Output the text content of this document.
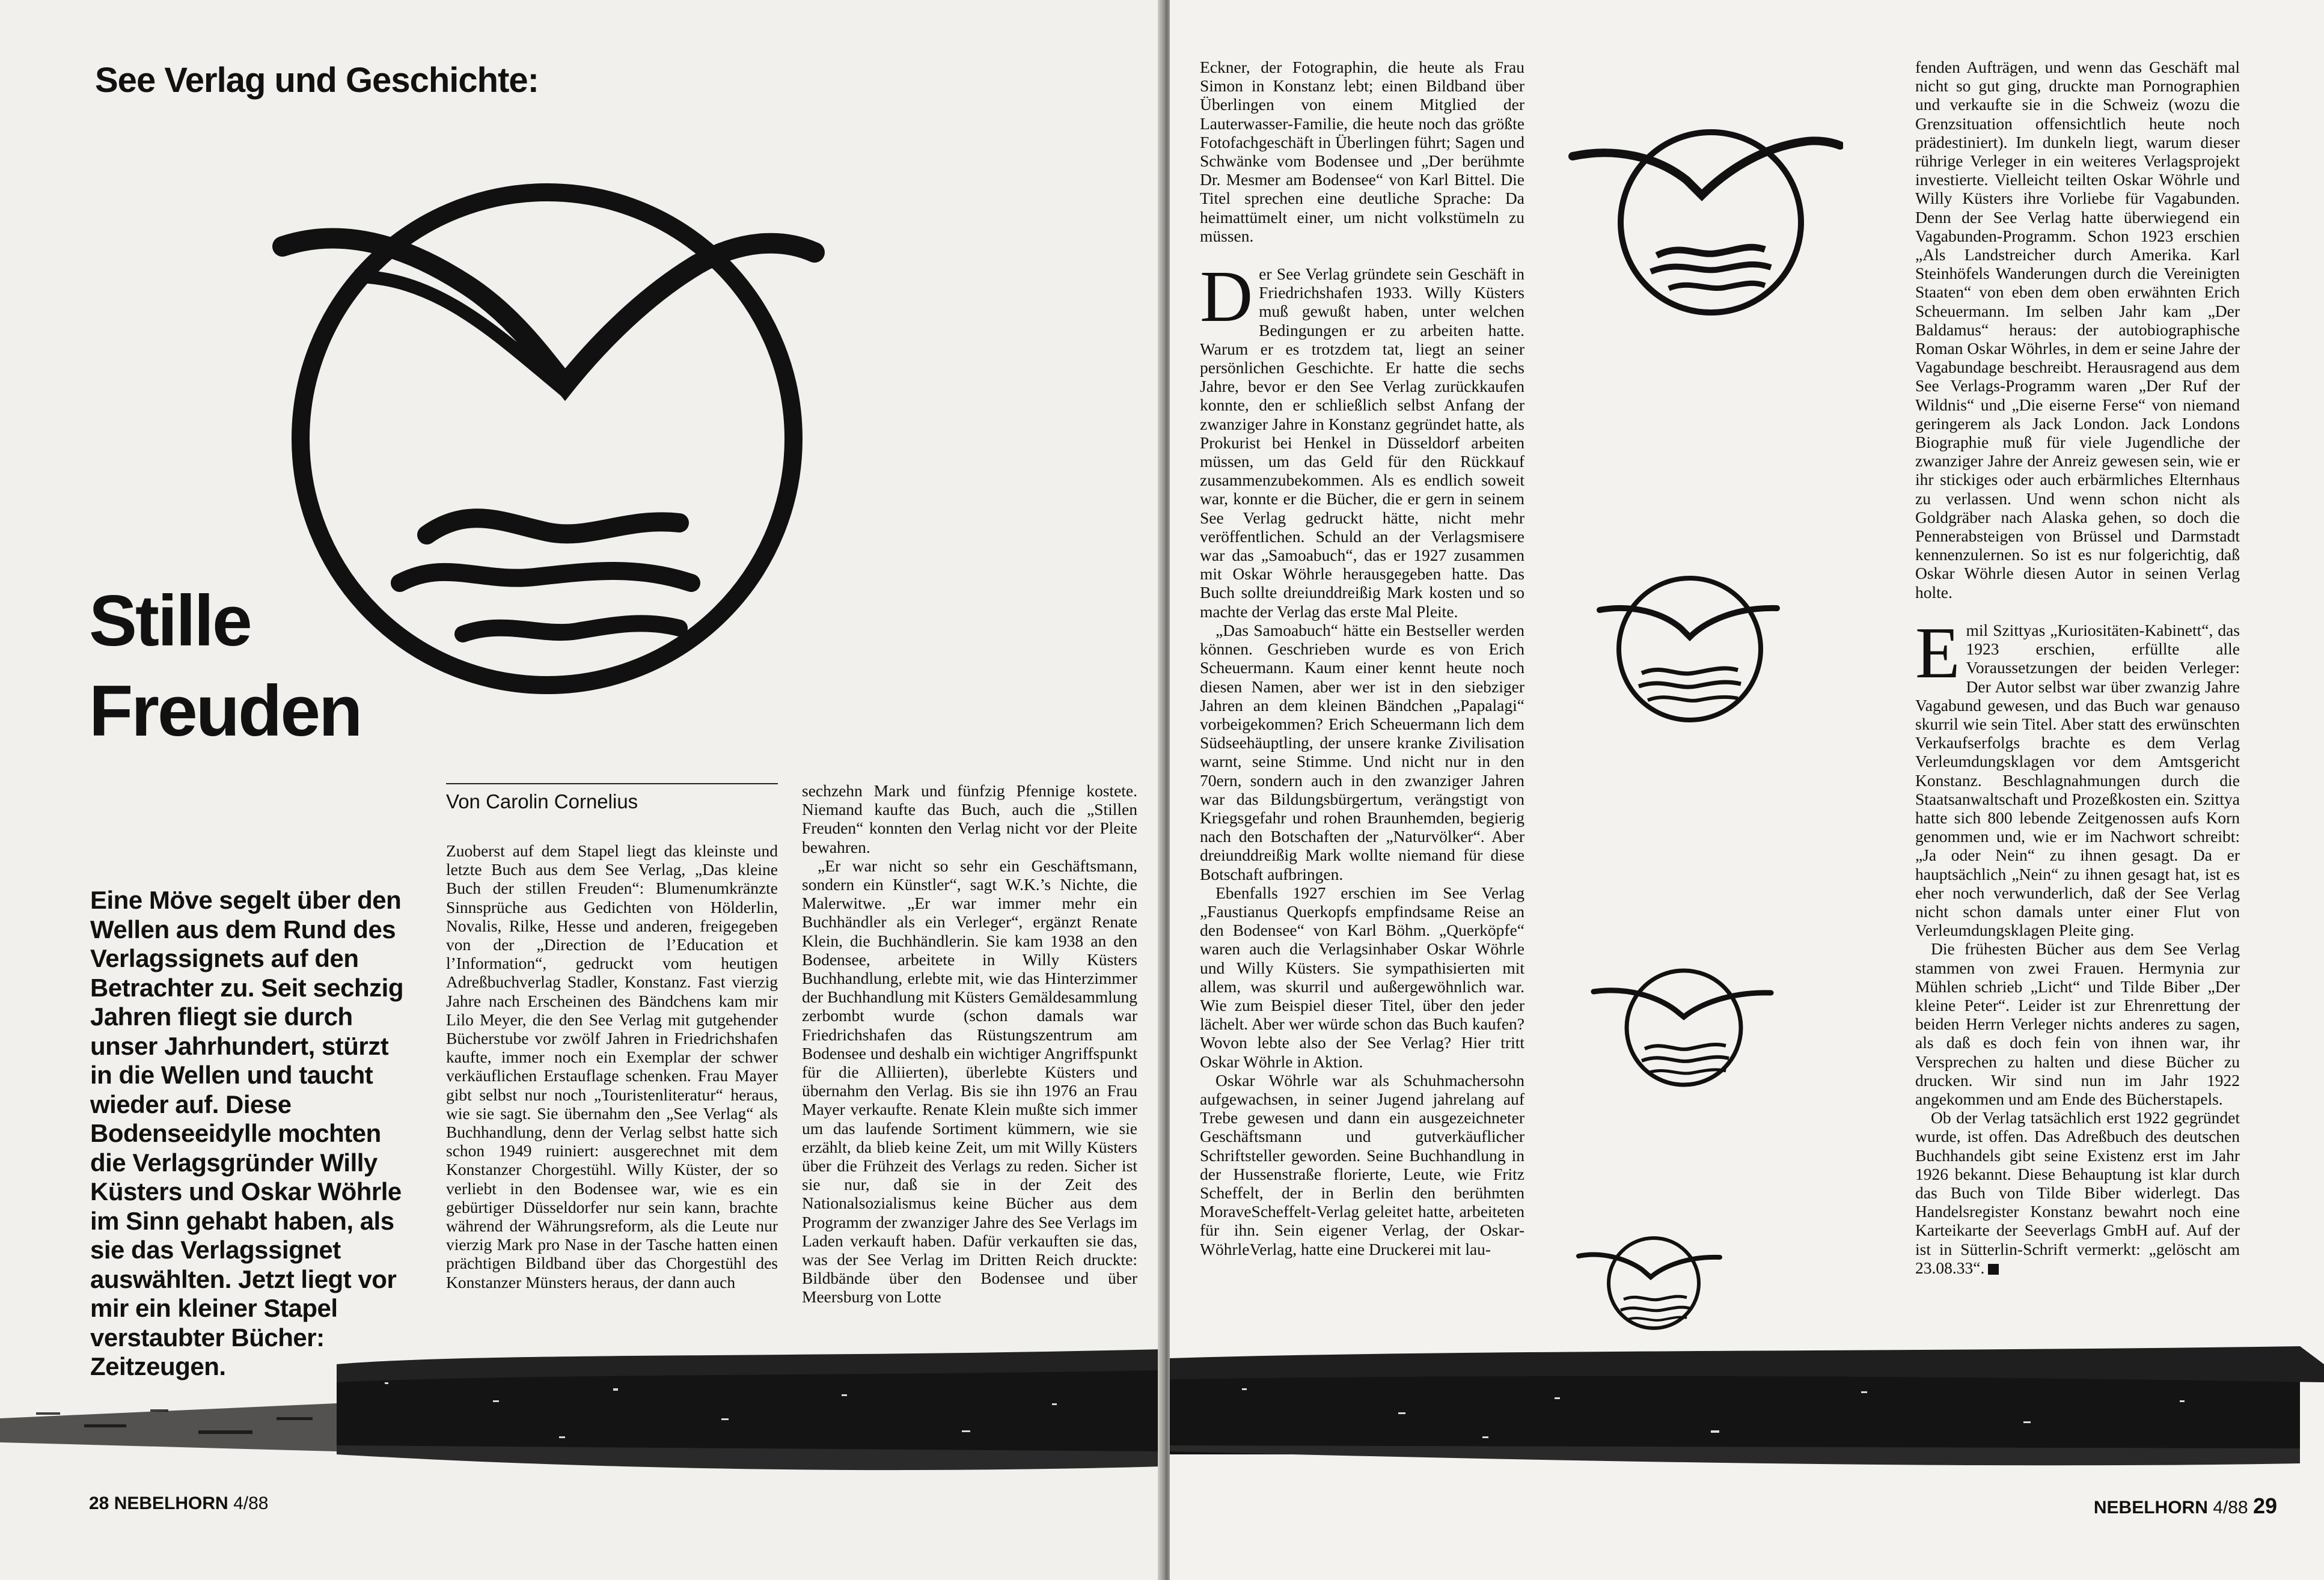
See Verlag und Geschichte:
Stille
Freuden
Eine Möve segelt über den Wellen aus dem Rund des Verlagssignets auf den Betrachter zu. Seit sechzig Jahren fliegt sie durch unser Jahrhundert, stürzt in die Wellen und taucht wieder auf. Diese Bodenseeidylle mochten die Verlagsgründer Willy Küsters und Oskar Wöhrle im Sinn gehabt haben, als sie das Verlagssignet auswählten. Jetzt liegt vor mir ein kleiner Stapel verstaubter Bücher: Zeitzeugen.
Von Carolin Cornelius

Zuoberst auf dem Stapel liegt das kleinste und letzte Buch aus dem See Verlag, „Das kleine Buch der stillen Freuden“: Blumenumkränzte Sinnsprüche aus Gedichten von Hölderlin, Novalis, Rilke, Hesse und anderen, freigegeben von der „Direction de l’Education et l’Information“, gedruckt vom heutigen Adreßbuchverlag Stadler, Konstanz. Fast vierzig Jahre nach Erscheinen des Bändchens kam mir Lilo Meyer, die den See Verlag mit gutgehender Bücherstube vor zwölf Jahren in Friedrichshafen kaufte, immer noch ein Exemplar der schwer verkäuflichen Erstauflage schenken. Frau Mayer gibt selbst nur noch „Touristenliteratur“ heraus, wie sie sagt. Sie übernahm den „See Verlag“ als Buchhandlung, denn der Verlag selbst hatte sich schon 1949 ruiniert: ausgerechnet mit dem Konstanzer Chorgestühl. Willy Küster, der so verliebt in den Bodensee war, wie es ein gebürtiger Düsseldorfer nur sein kann, brachte während der Währungsreform, als die Leute nur vierzig Mark pro Nase in der Tasche hatten einen prächtigen Bildband über das Chorgestühl des Konstanzer Münsters heraus, der dann auch

sechzehn Mark und fünfzig Pfennige kostete. Niemand kaufte das Buch, auch die „Stillen Freuden“ konnten den Verlag nicht vor der Pleite bewahren.

„Er war nicht so sehr ein Geschäftsmann, sondern ein Künstler“, sagt W.K.’s Nichte, die Malerwitwe. „Er war immer mehr ein Buchhändler als ein Verleger“, ergänzt Renate Klein, die Buchhändlerin. Sie kam 1938 an den Bodensee, arbeitete in Willy Küsters Buchhandlung, erlebte mit, wie das Hinterzimmer der Buchhandlung mit Küsters Gemäldesammlung zerbombt wurde (schon damals war Friedrichshafen das Rüstungszentrum am Bodensee und deshalb ein wichtiger Angriffspunkt für die Alliierten), überlebte Küsters und übernahm den Verlag. Bis sie ihn 1976 an Frau Mayer verkaufte. Renate Klein mußte sich immer um das laufende Sortiment kümmern, wie sie erzählt, da blieb keine Zeit, um mit Willy Küsters über die Frühzeit des Verlags zu reden. Sicher ist sie nur, daß sie in der Zeit des Nationalsozialismus keine Bücher aus dem Programm der zwanziger Jahre des See Verlags im Laden verkauft haben. Dafür verkauften sie das, was der See Verlag im Dritten Reich druckte: Bildbände über den Bodensee und über Meersburg von Lotte

28 NEBELHORN 4/88

Eckner, der Fotographin, die heute als Frau Simon in Konstanz lebt; einen Bildband über Überlingen von einem Mitglied der Lauterwasser-Familie, die heute noch das größte Fotofachgeschäft in Überlingen führt; Sagen und Schwänke vom Bodensee und „Der berühmte Dr. Mesmer am Bodensee“ von Karl Bittel. Die Titel sprechen eine deutliche Sprache: Da heimattümelt einer, um nicht volkstümeln zu müssen.

Der See Verlag gründete sein Geschäft in Friedrichshafen 1933. Willy Küsters muß gewußt haben, unter welchen Bedingungen er zu arbeiten hatte. Warum er es trotzdem tat, liegt an seiner persönlichen Geschichte. Er hatte die sechs Jahre, bevor er den See Verlag zurückkaufen konnte, den er schließlich selbst Anfang der zwanziger Jahre in Konstanz gegründet hatte, als Prokurist bei Henkel in Düsseldorf arbeiten müssen, um das Geld für den Rückkauf zusammenzubekommen. Als es endlich soweit war, konnte er die Bücher, die er gern in seinem See Verlag gedruckt hätte, nicht mehr veröffentlichen. Schuld an der Verlagsmisere war das „Samoabuch“, das er 1927 zusammen mit Oskar Wöhrle herausgegeben hatte. Das Buch sollte dreiunddreißig Mark kosten und so machte der Verlag das erste Mal Pleite.

„Das Samoabuch“ hätte ein Bestseller werden können. Geschrieben wurde es von Erich Scheuermann. Kaum einer kennt heute noch diesen Namen, aber wer ist in den siebziger Jahren an dem kleinen Bändchen „Papalagi“ vorbeigekommen? Erich Scheuermann lich dem Südseehäuptling, der unsere kranke Zivilisation warnt, seine Stimme. Und nicht nur in den 70ern, sondern auch in den zwanziger Jahren war das Bildungsbürgertum, verängstigt von Kriegsgefahr und rohen Braunhemden, begierig nach den Botschaften der „Naturvölker“. Aber dreiunddreißig Mark wollte niemand für diese Botschaft aufbringen.

Ebenfalls 1927 erschien im See Verlag „Faustianus Querkopfs empfindsame Reise an den Bodensee“ von Karl Böhm. „Querköpfe“ waren auch die Verlagsinhaber Oskar Wöhrle und Willy Küsters. Sie sympathisierten mit allem, was skurril und außergewöhnlich war. Wie zum Beispiel dieser Titel, über den jeder lächelt. Aber wer würde schon das Buch kaufen? Wovon lebte also der See Verlag? Hier tritt Oskar Wöhrle in Aktion.

Oskar Wöhrle war als Schuhmachersohn aufgewachsen, in seiner Jugend jahrelang auf Trebe gewesen und dann ein ausgezeichneter Geschäftsmann und gutverkäuflicher Schriftsteller geworden. Seine Buchhandlung in der Hussenstraße florierte, Leute, wie Fritz Scheffelt, der in Berlin den berühmten MoraveScheffelt-Verlag geleitet hatte, arbeiteten für ihn. Sein eigener Verlag, der Oskar-WöhrleVerlag, hatte eine Druckerei mit lau-

fenden Aufträgen, und wenn das Geschäft mal nicht so gut ging, druckte man Pornographien und verkaufte sie in die Schweiz (wozu die Grenzsituation offensichtlich heute noch prädestiniert). Im dunkeln liegt, warum dieser rührige Verleger in ein weiteres Verlagsprojekt investierte. Vielleicht teilten Oskar Wöhrle und Willy Küsters ihre Vorliebe für Vagabunden. Denn der See Verlag hatte überwiegend ein Vagabunden-Programm. Schon 1923 erschien „Als Landstreicher durch Amerika. Karl Steinhöfels Wanderungen durch die Vereinigten Staaten“ von eben dem oben erwähnten Erich Scheuermann. Im selben Jahr kam „Der Baldamus“ heraus: der autobiographische Roman Oskar Wöhrles, in dem er seine Jahre der Vagabundage beschreibt. Herausragend aus dem See Verlags-Programm waren „Der Ruf der Wildnis“ und „Die eiserne Ferse“ von niemand geringerem als Jack London. Jack Londons Biographie muß für viele Jugendliche der zwanziger Jahre der Anreiz gewesen sein, wie er ihr stickiges oder auch erbärmliches Elternhaus zu verlassen. Und wenn schon nicht als Goldgräber nach Alaska gehen, so doch die Pennerabsteigen von Brüssel und Darmstadt kennenzulernen. So ist es nur folgerichtig, daß Oskar Wöhrle diesen Autor in seinen Verlag holte.

Emil Szittyas „Kuriositäten-Kabinett“, das 1923 erschien, erfüllte alle Voraussetzungen der beiden Verleger: Der Autor selbst war über zwanzig Jahre Vagabund gewesen, und das Buch war genauso skurril wie sein Titel. Aber statt des erwünschten Verkaufserfolgs brachte es dem Verlag Verleumdungsklagen vor dem Amtsgericht Konstanz. Beschlagnahmungen durch die Staatsanwaltschaft und Prozeßkosten ein. Szittya hatte sich 800 lebende Zeitgenossen aufs Korn genommen und, wie er im Nachwort schreibt: „Ja oder Nein“ zu ihnen gesagt. Da er hauptsächlich „Nein“ zu ihnen gesagt hat, ist es eher noch verwunderlich, daß der See Verlag nicht schon damals unter einer Flut von Verleumdungsklagen Pleite ging.

Die frühesten Bücher aus dem See Verlag stammen von zwei Frauen. Hermynia zur Mühlen schrieb „Licht“ und Tilde Biber „Der kleine Peter“. Leider ist zur Ehrenrettung der beiden Herrn Verleger nichts anderes zu sagen, als daß es doch fein von ihnen war, ihr Versprechen zu halten und diese Bücher zu drucken. Wir sind nun im Jahr 1922 angekommen und am Ende des Bücherstapels.

Ob der Verlag tatsächlich erst 1922 gegründet wurde, ist offen. Das Adreßbuch des deutschen Buchhandels gibt seine Existenz erst im Jahr 1926 bekannt. Diese Behauptung ist klar durch das Buch von Tilde Biber widerlegt. Das Handelsregister Konstanz bewahrt noch eine Karteikarte der Seeverlags GmbH auf. Auf der ist in Sütterlin-Schrift vermerkt: „gelöscht am 23.08.33“.

NEBELHORN 4/88 29
